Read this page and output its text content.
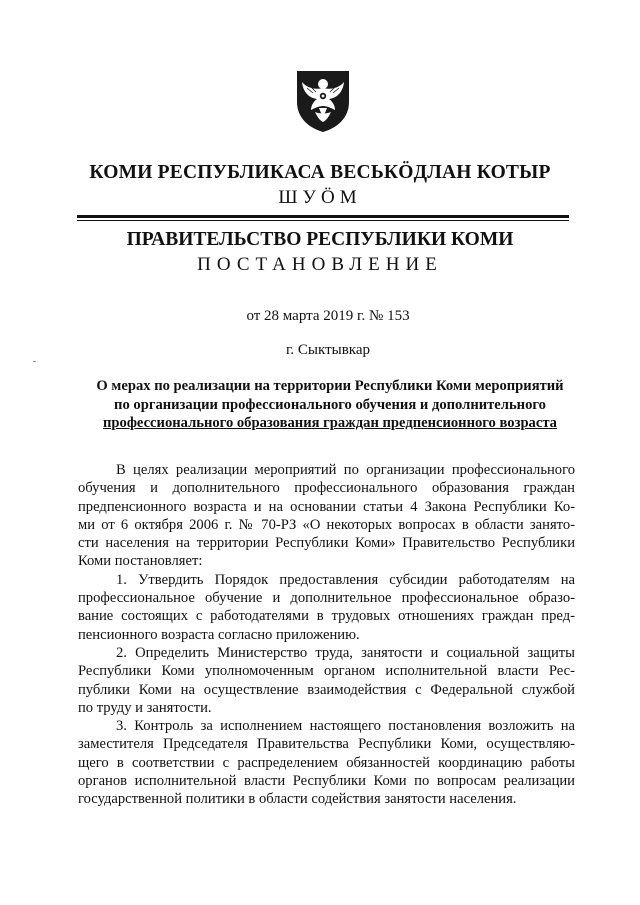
КОМИ РЕСПУБЛИКАСА ВЕСЬКÖДЛАН КОТЫР
ШУÖМ
ПРАВИТЕЛЬСТВО РЕСПУБЛИКИ КОМИ
ПОСТАНОВЛЕНИЕ
от 28 марта 2019 г. № 153
г. Сыктывкар
О мерах по реализации на территории Республики Коми мероприятий
по организации профессионального обучения и дополнительного
профессионального образования граждан предпенсионного возраста
В целях реализации мероприятий по организации профессионального
обучения и дополнительного профессионального образования граждан
предпенсионного возраста и на основании статьи 4 Закона Республики Ко-
ми от 6 октября 2006 г. № 70-РЗ «О некоторых вопросах в области занято-
сти населения на территории Республики Коми» Правительство Республики
Коми постановляет:
1. Утвердить Порядок предоставления субсидии работодателям на
профессиональное обучение и дополнительное профессиональное образо-
вание состоящих с работодателями в трудовых отношениях граждан пред-
пенсионного возраста согласно приложению.
2. Определить Министерство труда, занятости и социальной защиты
Республики Коми уполномоченным органом исполнительной власти Рес-
публики Коми на осуществление взаимодействия с Федеральной службой
по труду и занятости.
3. Контроль за исполнением настоящего постановления возложить на
заместителя Председателя Правительства Республики Коми, осуществляю-
щего в соответствии с распределением обязанностей координацию работы
органов исполнительной власти Республики Коми по вопросам реализации
государственной политики в области содействия занятости населения.
